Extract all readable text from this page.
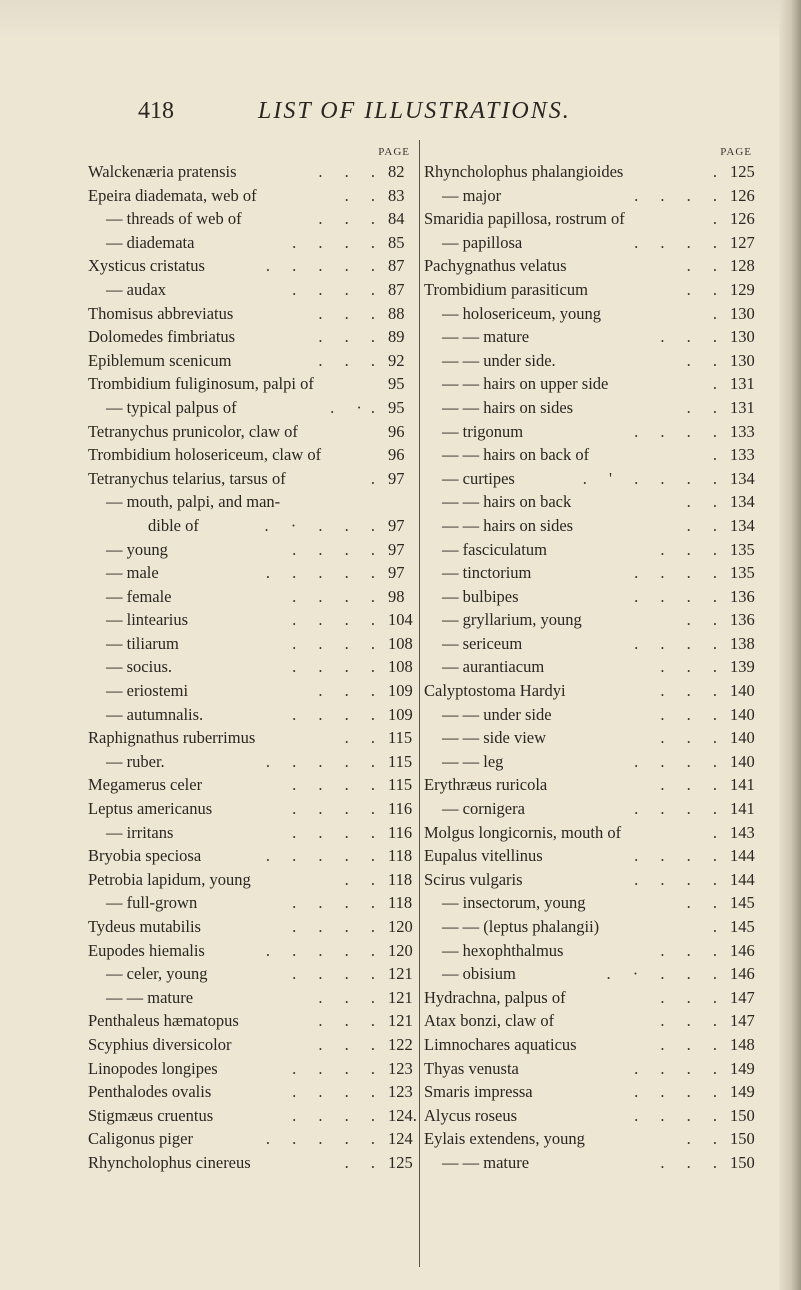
418	LIST OF ILLUSTRATIONS.
PAGE
Walckenæria pratensis	. . . 82
Epeira diademata, web of	. . 83
— threads of web of	. . . 84
— diademata	. . . . 85
Xysticus cristatus	. . . . . 87
— audax	. . . . 87
Thomisus abbreviatus	. . . 88
Dolomedes fimbriatus	. . . 89
Epiblemum scenicum	. . . 92
Trombidium fuliginosum, palpi of	95
— typical palpus of	. ·. 95
Tetranychus prunicolor, claw of	96
Trombidium holosericeum, claw of	96
Tetranychus telarius, tarsus of	. 97
— mouth, palpi, and man-
dible of	. · . . . 97
— young	. . . . 97
— male	. . . . . 97
— female	. . . . 98
— lintearius	. . . . 104
— tiliarum	. . . . 108
— socius.	. . . . 108
— eriostemi	. . . 109
— autumnalis.	. . . . 109
Raphignathus ruberrimus	. . 115
— ruber.	. . . . . 115
Megamerus celer	. . . . 115
Leptus americanus	. . . . 116
— irritans	. . . . 116
Bryobia speciosa	. . . . . 118
Petrobia lapidum, young	. . 118
— full-grown	. . . . 118
Tydeus mutabilis	. . . . 120
Eupodes hiemalis	. . . . . 120
— celer, young	. . . . 121
— — mature	. . . 121
Penthaleus hæmatopus	. . . 121
Scyphius diversicolor	. . . 122
Linopodes longipes	. . . . 123
Penthalodes ovalis	. . . . 123
Stigmæus cruentus	. . . . 124.
Caligonus piger	. . . . . 124
Rhyncholophus cinereus	. . 125
PAGE
Rhyncholophus phalangioides	. 125
— major	. . . . 126
Smaridia papillosa, rostrum of	. 126
— papillosa	. . . . 127
Pachygnathus velatus	. . 128
Trombidium parasiticum	. . 129
— holosericeum, young	. 130
— — mature	. . . 130
— — under side.	. . 130
— — hairs on upper side	. 131
— — hairs on sides	. . 131
— trigonum	. . . . 133
— — hairs on back of	. 133
— curtipes	. ' . . . . 134
— — hairs on back	. . 134
— — hairs on sides	. . 134
— fasciculatum	. . . 135
— tinctorium	. . . . 135
— bulbipes	. . . . 136
— gryllarium, young	. . 136
— sericeum	. . . . 138
— aurantiacum	. . . 139
Calyptostoma Hardyi	. . . 140
— — under side	. . . 140
— — side view	. . . 140
— — leg	. . . . 140
Erythræus ruricola	. . . 141
— cornigera	. . . . 141
Molgus longicornis, mouth of	. 143
Eupalus vitellinus	. . . . 144
Scirus vulgaris	. . . . 144
— insectorum, young	. . 145
— — (leptus phalangii)	. 145
— hexophthalmus	. . . 146
— obisium	. · . . . 146
Hydrachna, palpus of	. . . 147
Atax bonzi, claw of	. . . 147
Limnochares aquaticus	. . . 148
Thyas venusta	. . . . 149
Smaris impressa	. . . . 149
Alycus roseus	. . . . 150
Eylais extendens, young	. . 150
— — mature	. . . 150
